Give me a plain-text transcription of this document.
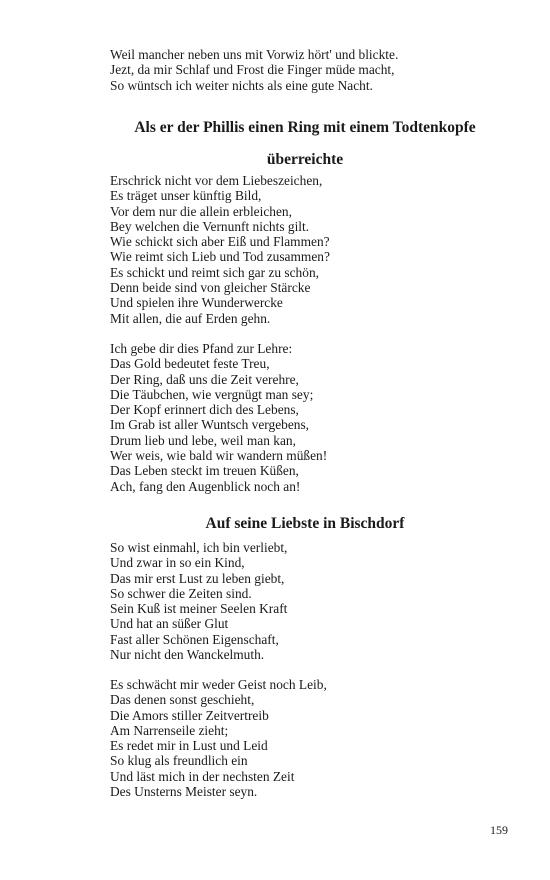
Weil mancher neben uns mit Vorwiz hört' und blickte.
Jezt, da mir Schlaf und Frost die Finger müde macht,
So wüntsch ich weiter nichts als eine gute Nacht.
Als er der Phillis einen Ring mit einem Todtenkopfe
überreichte
Erschrick nicht vor dem Liebeszeichen,
Es träget unser künftig Bild,
Vor dem nur die allein erbleichen,
Bey welchen die Vernunft nichts gilt.
Wie schickt sich aber Eiß und Flammen?
Wie reimt sich Lieb und Tod zusammen?
Es schickt und reimt sich gar zu schön,
Denn beide sind von gleicher Stärcke
Und spielen ihre Wunderwercke
Mit allen, die auf Erden gehn.
Ich gebe dir dies Pfand zur Lehre:
Das Gold bedeutet feste Treu,
Der Ring, daß uns die Zeit verehre,
Die Täubchen, wie vergnügt man sey;
Der Kopf erinnert dich des Lebens,
Im Grab ist aller Wuntsch vergebens,
Drum lieb und lebe, weil man kan,
Wer weis, wie bald wir wandern müßen!
Das Leben steckt im treuen Küßen,
Ach, fang den Augenblick noch an!
Auf seine Liebste in Bischdorf
So wist einmahl, ich bin verliebt,
Und zwar in so ein Kind,
Das mir erst Lust zu leben giebt,
So schwer die Zeiten sind.
Sein Kuß ist meiner Seelen Kraft
Und hat an süßer Glut
Fast aller Schönen Eigenschaft,
Nur nicht den Wanckelmuth.
Es schwächt mir weder Geist noch Leib,
Das denen sonst geschieht,
Die Amors stiller Zeitvertreib
Am Narrenseile zieht;
Es redet mir in Lust und Leid
So klug als freundlich ein
Und läst mich in der nechsten Zeit
Des Unsterns Meister seyn.
159
